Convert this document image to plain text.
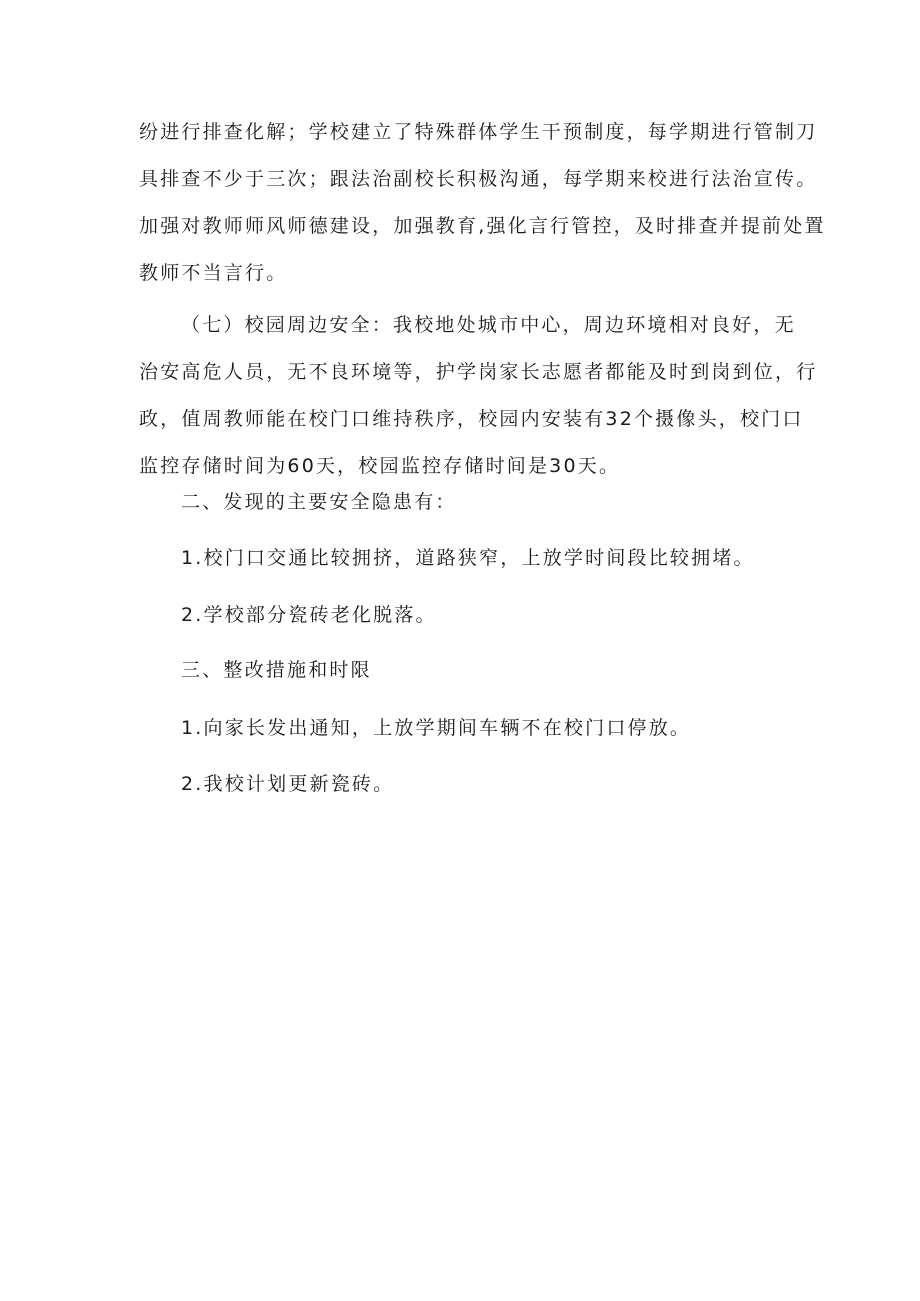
纷进行排查化解；学校建立了特殊群体学生干预制度，每学期进行管制刀
具排查不少于三次；跟法治副校长积极沟通，每学期来校进行法治宣传。
加强对教师师风师德建设，加强教育,强化言行管控，及时排查并提前处置
教师不当言行。
（七）校园周边安全：我校地处城市中心，周边环境相对良好，无
治安高危人员，无不良环境等，护学岗家长志愿者都能及时到岗到位，行
政，值周教师能在校门口维持秩序，校园内安装有32个摄像头，校门口
监控存储时间为60天，校园监控存储时间是30天。
二、发现的主要安全隐患有：
1.校门口交通比较拥挤，道路狭窄，上放学时间段比较拥堵。
2.学校部分瓷砖老化脱落。
三、整改措施和时限
1.向家长发出通知，上放学期间车辆不在校门口停放。
2.我校计划更新瓷砖。
